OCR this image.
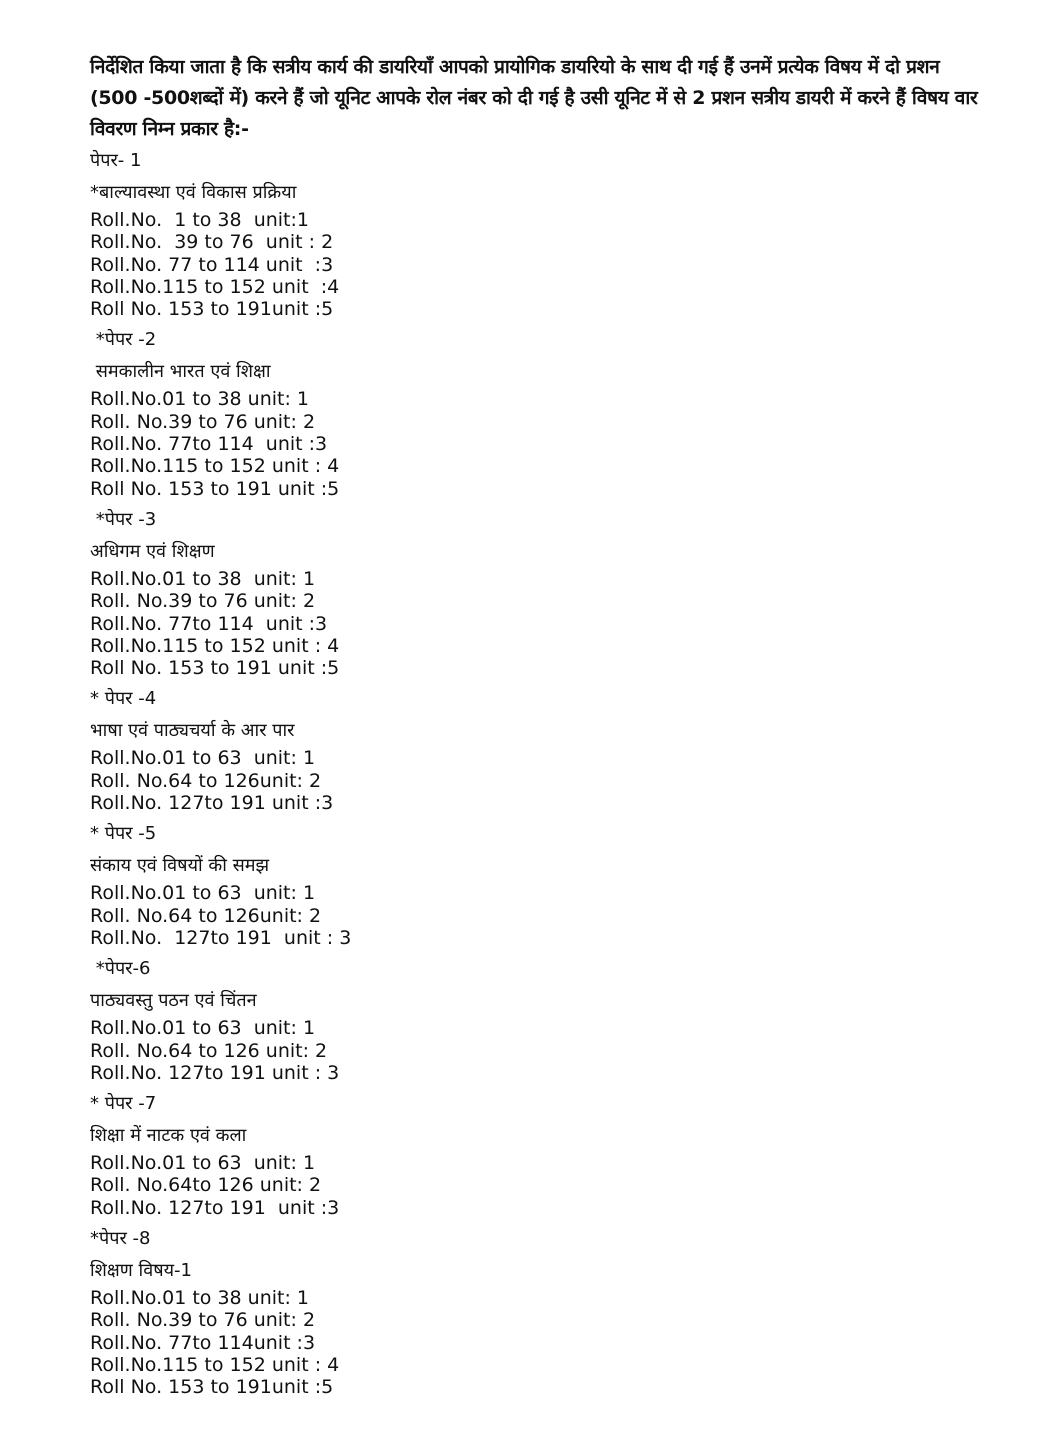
निर्देशित किया जाता है कि सत्रीय कार्य की डायरियाँ आपको प्रायोगिक डायरियो के साथ दी गई हैं उनमें प्रत्येक विषय में दो प्रशन (500 -500शब्दों में) करने हैं जो यूनिट आपके रोल नंबर को दी गई है उसी यूनिट में से 2 प्रशन सत्रीय डायरी में करने हैं विषय वार विवरण निम्न प्रकार है:-

पेपर- 1
*बाल्यावस्था एवं विकास प्रक्रिया
Roll.No.  1 to 38  unit:1
Roll.No.  39 to 76  unit : 2
Roll.No. 77 to 114 unit  :3
Roll.No.115 to 152 unit  :4
Roll No. 153 to 191unit :5
*पेपर -2
समकालीन भारत एवं शिक्षा
Roll.No.01 to 38 unit: 1
Roll. No.39 to 76 unit: 2
Roll.No. 77to 114  unit :3
Roll.No.115 to 152 unit : 4
Roll No. 153 to 191 unit :5
*पेपर -3
अधिगम एवं शिक्षण
Roll.No.01 to 38  unit: 1
Roll. No.39 to 76 unit: 2
Roll.No. 77to 114  unit :3
Roll.No.115 to 152 unit : 4
Roll No. 153 to 191 unit :5
* पेपर -4
भाषा एवं पाठ्यचर्या के आर पार
Roll.No.01 to 63  unit: 1
Roll. No.64 to 126unit: 2
Roll.No. 127to 191 unit :3
* पेपर -5
संकाय एवं विषयों की समझ
Roll.No.01 to 63  unit: 1
Roll. No.64 to 126unit: 2
Roll.No.  127to 191  unit : 3
*पेपर-6
पाठ्यवस्तु पठन एवं चिंतन
Roll.No.01 to 63  unit: 1
Roll. No.64 to 126 unit: 2
Roll.No. 127to 191 unit : 3
* पेपर -7
शिक्षा में नाटक एवं कला
Roll.No.01 to 63  unit: 1
Roll. No.64to 126 unit: 2
Roll.No. 127to 191  unit :3
*पेपर -8
शिक्षण विषय-1
Roll.No.01 to 38 unit: 1
Roll. No.39 to 76 unit: 2
Roll.No. 77to 114unit :3
Roll.No.115 to 152 unit : 4
Roll No. 153 to 191unit :5
